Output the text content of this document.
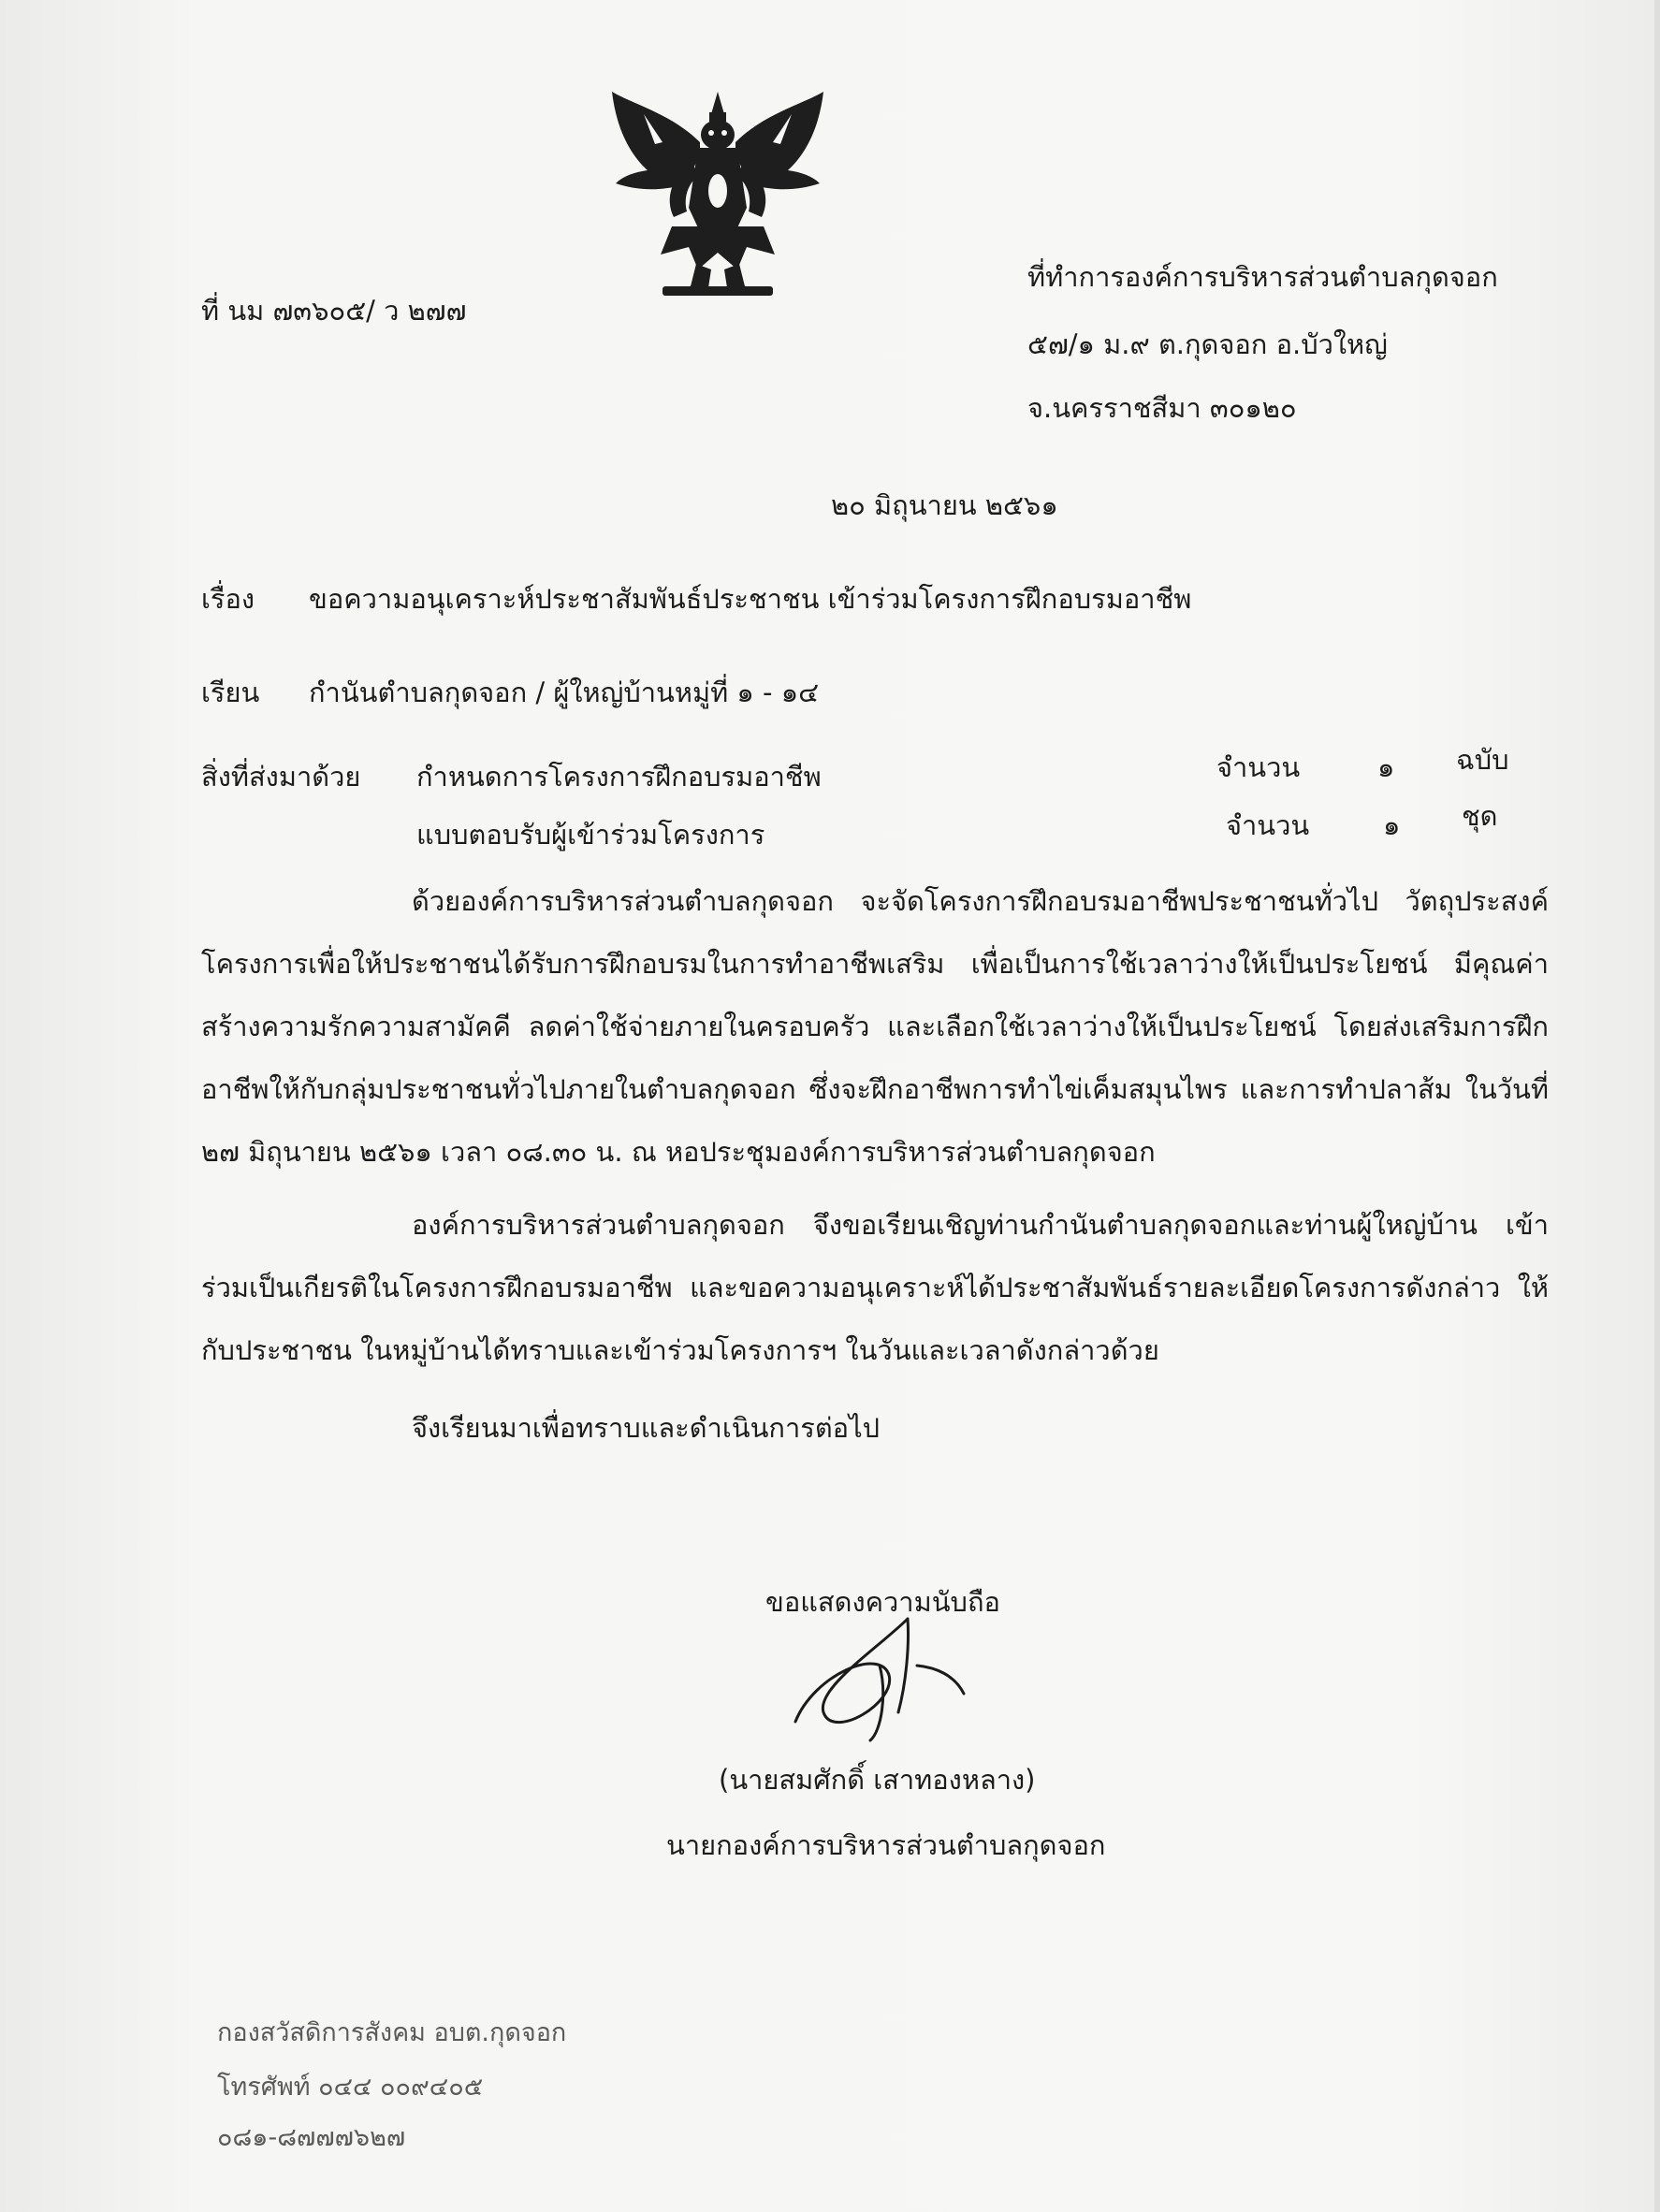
ที่ นม ๗๓๖๐๕/ ว ๒๗๗
ที่ทำการองค์การบริหารส่วนตำบลกุดจอก
๕๗/๑ ม.๙ ต.กุดจอก อ.บัวใหญ่
จ.นครราชสีมา ๓๐๑๒๐
๒๐ มิถุนายน ๒๕๖๑
เรื่อง ขอความอนุเคราะห์ประชาสัมพันธ์ประชาชน เข้าร่วมโครงการฝึกอบรมอาชีพ
เรียน กำนันตำบลกุดจอก / ผู้ใหญ่บ้านหมู่ที่ ๑ - ๑๔
สิ่งที่ส่งมาด้วย กำหนดการโครงการฝึกอบรมอาชีพ	จำนวน	๑ ฉบับ
แบบตอบรับผู้เข้าร่วมโครงการ	จำนวน	๑ ชุด
ด้วยองค์การบริหารส่วนตำบลกุดจอก จะจัดโครงการฝึกอบรมอาชีพประชาชนทั่วไป วัตถุประสงค์โครงการเพื่อให้ประชาชนได้รับการฝึกอบรมในการทำอาชีพเสริม เพื่อเป็นการใช้เวลาว่างให้เป็นประโยชน์ มีคุณค่า สร้างความรักความสามัคคี ลดค่าใช้จ่ายภายในครอบครัว และเลือกใช้เวลาว่างให้เป็นประโยชน์ โดยส่งเสริมการฝึกอาชีพให้กับกลุ่มประชาชนทั่วไปภายในตำบลกุดจอก ซึ่งจะฝึกอาชีพการทำไข่เค็มสมุนไพร และการทำปลาส้ม ในวันที่ ๒๗ มิถุนายน ๒๕๖๑ เวลา ๐๘.๓๐ น. ณ หอประชุมองค์การบริหารส่วนตำบลกุดจอก
องค์การบริหารส่วนตำบลกุดจอก จึงขอเรียนเชิญท่านกำนันตำบลกุดจอกและท่านผู้ใหญ่บ้าน เข้าร่วมเป็นเกียรติในโครงการฝึกอบรมอาชีพ และขอความอนุเคราะห์ได้ประชาสัมพันธ์รายละเอียดโครงการดังกล่าว ให้กับประชาชน ในหมู่บ้านได้ทราบและเข้าร่วมโครงการฯ ในวันและเวลาดังกล่าวด้วย
จึงเรียนมาเพื่อทราบและดำเนินการต่อไป
ขอแสดงความนับถือ
(นายสมศักดิ์ เสาทองหลาง)
นายกองค์การบริหารส่วนตำบลกุดจอก
กองสวัสดิการสังคม อบต.กุดจอก
โทรศัพท์ ๐๔๔ ๐๐๙๔๐๕
๐๘๑-๘๗๗๗๖๒๗
